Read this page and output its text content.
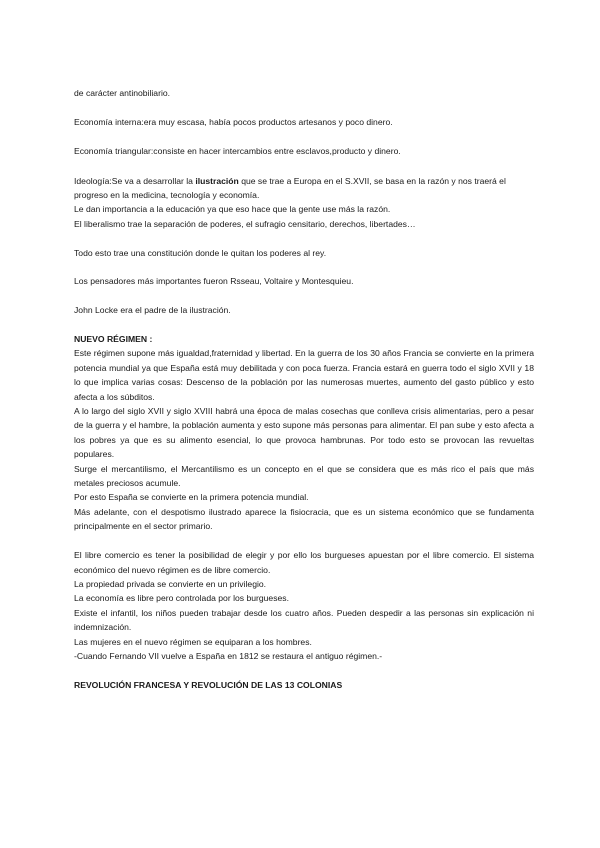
de carácter antinobiliario.

Economía interna:era muy escasa, había pocos productos artesanos y poco dinero.

Economía triangular:consiste en hacer intercambios entre esclavos,producto y dinero.

Ideología:Se va a desarrollar la ilustración que se trae a Europa en el S.XVII, se basa en la razón y nos traerá el progreso en la medicina, tecnología y economía.

Le dan importancia a la educación ya que eso hace que la gente use más la razón.

El liberalismo trae la separación de poderes, el sufragio censitario, derechos, libertades…

Todo esto trae una constitución donde le quitan los poderes al rey.

Los pensadores más importantes fueron Rsseau, Voltaire y Montesquieu.

John Locke era el padre de la ilustración.

NUEVO RÉGIMEN :

Este régimen supone más igualdad,fraternidad y libertad. En la guerra de los 30 años Francia se convierte en la primera potencia mundial ya que España está muy debilitada y con poca fuerza. Francia estará en guerra todo el siglo XVII y 18 lo que implica varias cosas: Descenso de la población por las numerosas muertes, aumento del gasto público y esto afecta a los súbditos.

A lo largo del siglo XVII y siglo XVIII habrá una época de malas cosechas que conlleva crisis alimentarias, pero a pesar de la guerra y el hambre, la población aumenta y esto supone más personas para alimentar. El pan sube y esto afecta a los pobres ya que es su alimento esencial, lo que provoca hambrunas. Por todo esto se provocan las revueltas populares.

Surge el mercantilismo, el Mercantilismo es un concepto en el que se considera que es más rico el país que más metales preciosos acumule.

Por esto España se convierte en la primera potencia mundial.

Más adelante, con el despotismo ilustrado aparece la fisiocracia, que es un sistema económico que se fundamenta principalmente en el sector primario.

El libre comercio es tener la posibilidad de elegir y por ello los burgueses apuestan por el libre comercio. El sistema económico del nuevo régimen es de libre comercio.

La propiedad privada se convierte en un privilegio.

La economía es libre pero controlada por los burgueses.

Existe el infantil, los niños pueden trabajar desde los cuatro años. Pueden despedir a las personas sin explicación ni indemnización.

Las mujeres en el nuevo régimen se equiparan a los hombres.

-Cuando Fernando VII vuelve a España en 1812 se restaura el antiguo régimen.-

REVOLUCIÓN FRANCESA Y REVOLUCIÓN DE LAS 13 COLONIAS
